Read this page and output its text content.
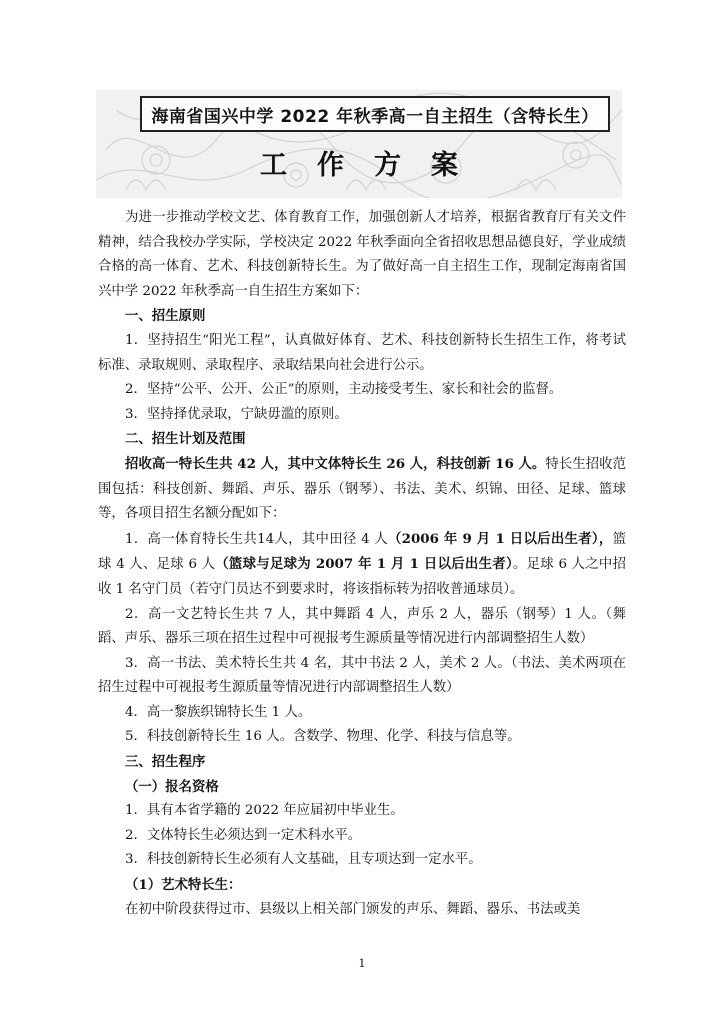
海南省国兴中学 2022 年秋季高一自主招生（含特长生）
工作方案

为进一步推动学校文艺、体育教育工作，加强创新人才培养，根据省教育厅有关文件精神，结合我校办学实际，学校决定 2022 年秋季面向全省招收思想品德良好，学业成绩合格的高一体育、艺术、科技创新特长生。为了做好高一自主招生工作，现制定海南省国兴中学 2022 年秋季高一自生招生方案如下：

一、招生原则

1．坚持招生“阳光工程”，认真做好体育、艺术、科技创新特长生招生工作，将考试标准、录取规则、录取程序、录取结果向社会进行公示。

2．坚持“公平、公开、公正”的原则，主动接受考生、家长和社会的监督。

3．坚持择优录取，宁缺毋滥的原则。

二、招生计划及范围

招收高一特长生共 42 人，其中文体特长生 26 人，科技创新 16 人。特长生招收范围包括：科技创新、舞蹈、声乐、器乐（钢琴）、书法、美术、织锦、田径、足球、篮球等，各项目招生名额分配如下：

1．高一体育特长生共14人，其中田径 4 人（2006 年 9 月 1 日以后出生者），篮球 4 人、足球 6 人（篮球与足球为 2007 年 1 月 1 日以后出生者）。足球 6 人之中招收 1 名守门员（若守门员达不到要求时，将该指标转为招收普通球员）。

2．高一文艺特长生共 7 人，其中舞蹈 4 人，声乐 2 人，器乐（钢琴）1 人。（舞蹈、声乐、器乐三项在招生过程中可视报考生源质量等情况进行内部调整招生人数）

3．高一书法、美术特长生共 4 名，其中书法 2 人，美术 2 人。（书法、美术两项在招生过程中可视报考生源质量等情况进行内部调整招生人数）

4．高一黎族织锦特长生 1 人。

5．科技创新特长生 16 人。含数学、物理、化学、科技与信息等。

三、招生程序
（一）报名资格

1．具有本省学籍的 2022 年应届初中毕业生。

2．文体特长生必须达到一定术科水平。

3．科技创新特长生必须有人文基础，且专项达到一定水平。

（1）艺术特长生：

在初中阶段获得过市、县级以上相关部门颁发的声乐、舞蹈、器乐、书法或美

1
